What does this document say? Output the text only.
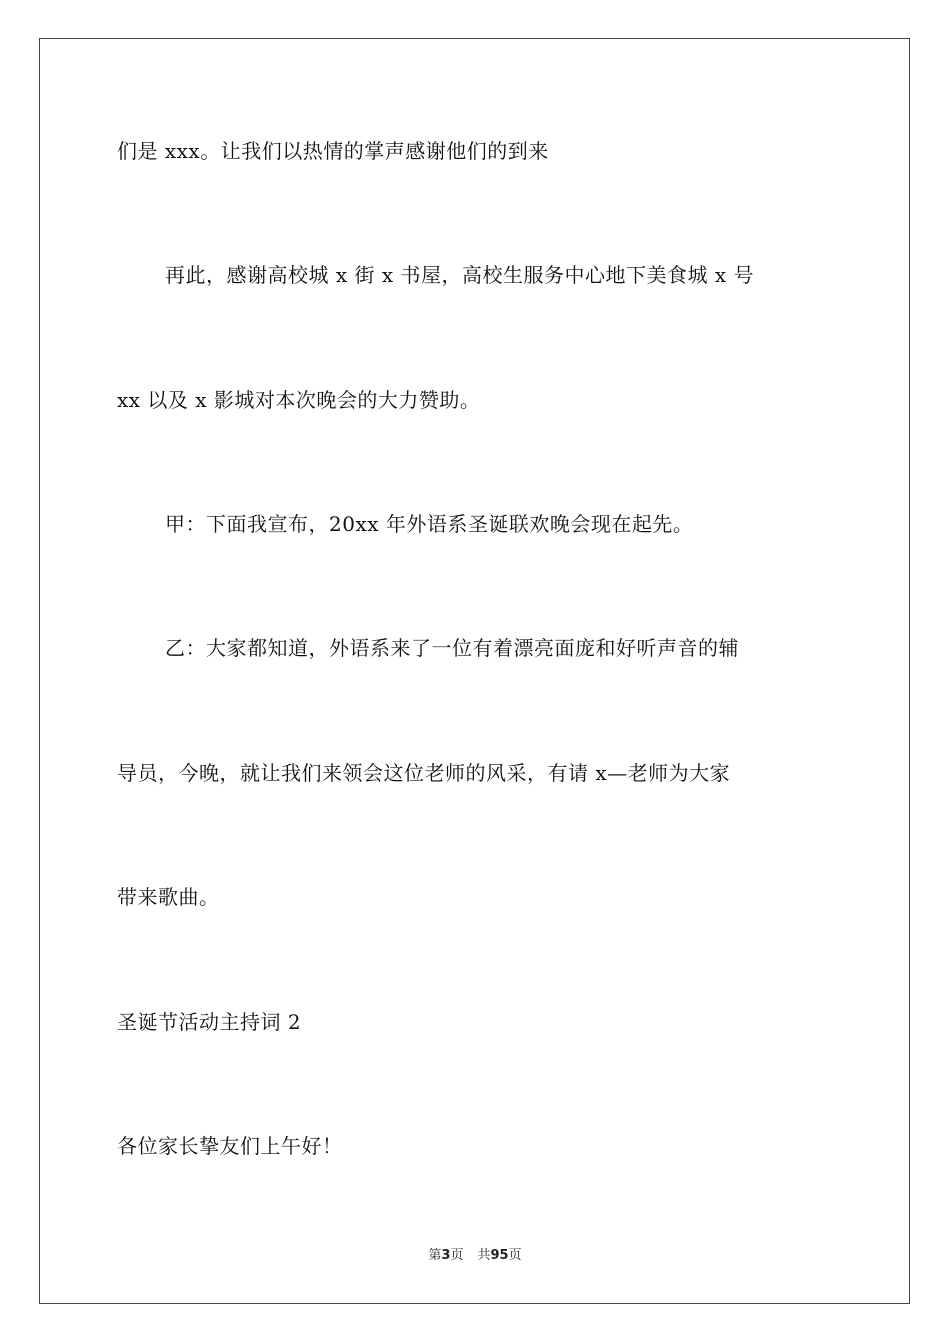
们是 xxx。让我们以热情的掌声感谢他们的到来
再此，感谢高校城 x 街 x 书屋，高校生服务中心地下美食城 x 号
xx 以及 x 影城对本次晚会的大力赞助。
甲：下面我宣布，20xx 年外语系圣诞联欢晚会现在起先。
乙：大家都知道，外语系来了一位有着漂亮面庞和好听声音的辅
导员，今晚，就让我们来领会这位老师的风采，有请 x—老师为大家
带来歌曲。
圣诞节活动主持词 2
各位家长挚友们上午好！
第3页 共95页
